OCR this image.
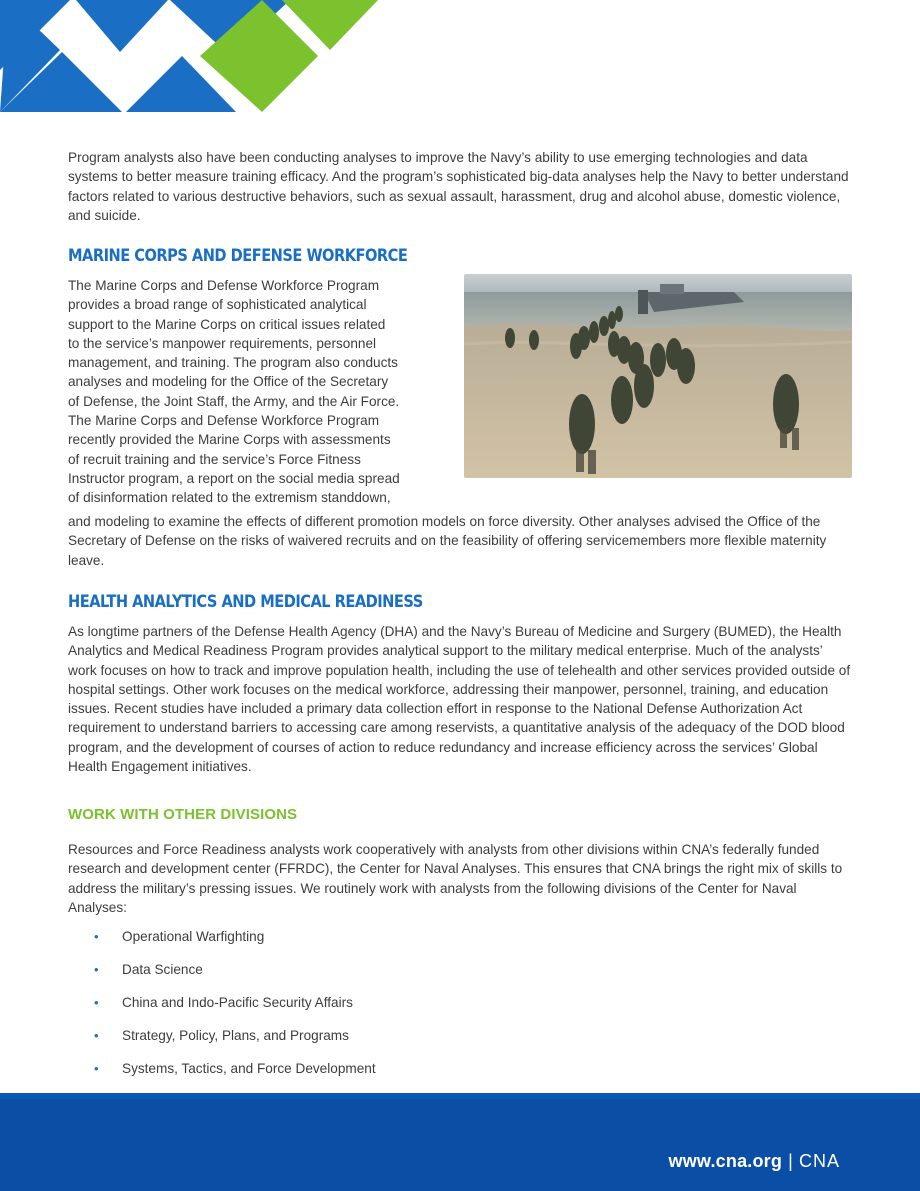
Program analysts also have been conducting analyses to improve the Navy’s ability to use emerging technologies and data systems to better measure training efficacy. And the program’s sophisticated big-data analyses help the Navy to better understand factors related to various destructive behaviors, such as sexual assault, harassment, drug and alcohol abuse, domestic violence, and suicide.

MARINE CORPS AND DEFENSE WORKFORCE
The Marine Corps and Defense Workforce Program
provides a broad range of sophisticated analytical
support to the Marine Corps on critical issues related
to the service’s manpower requirements, personnel
management, and training. The program also conducts
analyses and modeling for the Office of the Secretary
of Defense, the Joint Staff, the Army, and the Air Force.
The Marine Corps and Defense Workforce Program
recently provided the Marine Corps with assessments
of recruit training and the service’s Force Fitness
Instructor program, a report on the social media spread
of disinformation related to the extremism standdown,

and modeling to examine the effects of different promotion models on force diversity. Other analyses advised the Office of the Secretary of Defense on the risks of waivered recruits and on the feasibility of offering servicemembers more flexible maternity leave.

HEALTH ANALYTICS AND MEDICAL READINESS

As longtime partners of the Defense Health Agency (DHA) and the Navy’s Bureau of Medicine and Surgery (BUMED), the Health Analytics and Medical Readiness Program provides analytical support to the military medical enterprise. Much of the analysts’ work focuses on how to track and improve population health, including the use of telehealth and other services provided outside of hospital settings. Other work focuses on the medical workforce, addressing their manpower, personnel, training, and education issues. Recent studies have included a primary data collection effort in response to the National Defense Authorization Act requirement to understand barriers to accessing care among reservists, a quantitative analysis of the adequacy of the DOD blood program, and the development of courses of action to reduce redundancy and increase efficiency across the services’ Global Health Engagement initiatives.

WORK WITH OTHER DIVISIONS

Resources and Force Readiness analysts work cooperatively with analysts from other divisions within CNA’s federally funded research and development center (FFRDC), the Center for Naval Analyses. This ensures that CNA brings the right mix of skills to address the military’s pressing issues. We routinely work with analysts from the following divisions of the Center for Naval Analyses:

• Operational Warfighting
• Data Science
• China and Indo-Pacific Security Affairs
• Strategy, Policy, Plans, and Programs
• Systems, Tactics, and Force Development
www.cna.org | CNA
